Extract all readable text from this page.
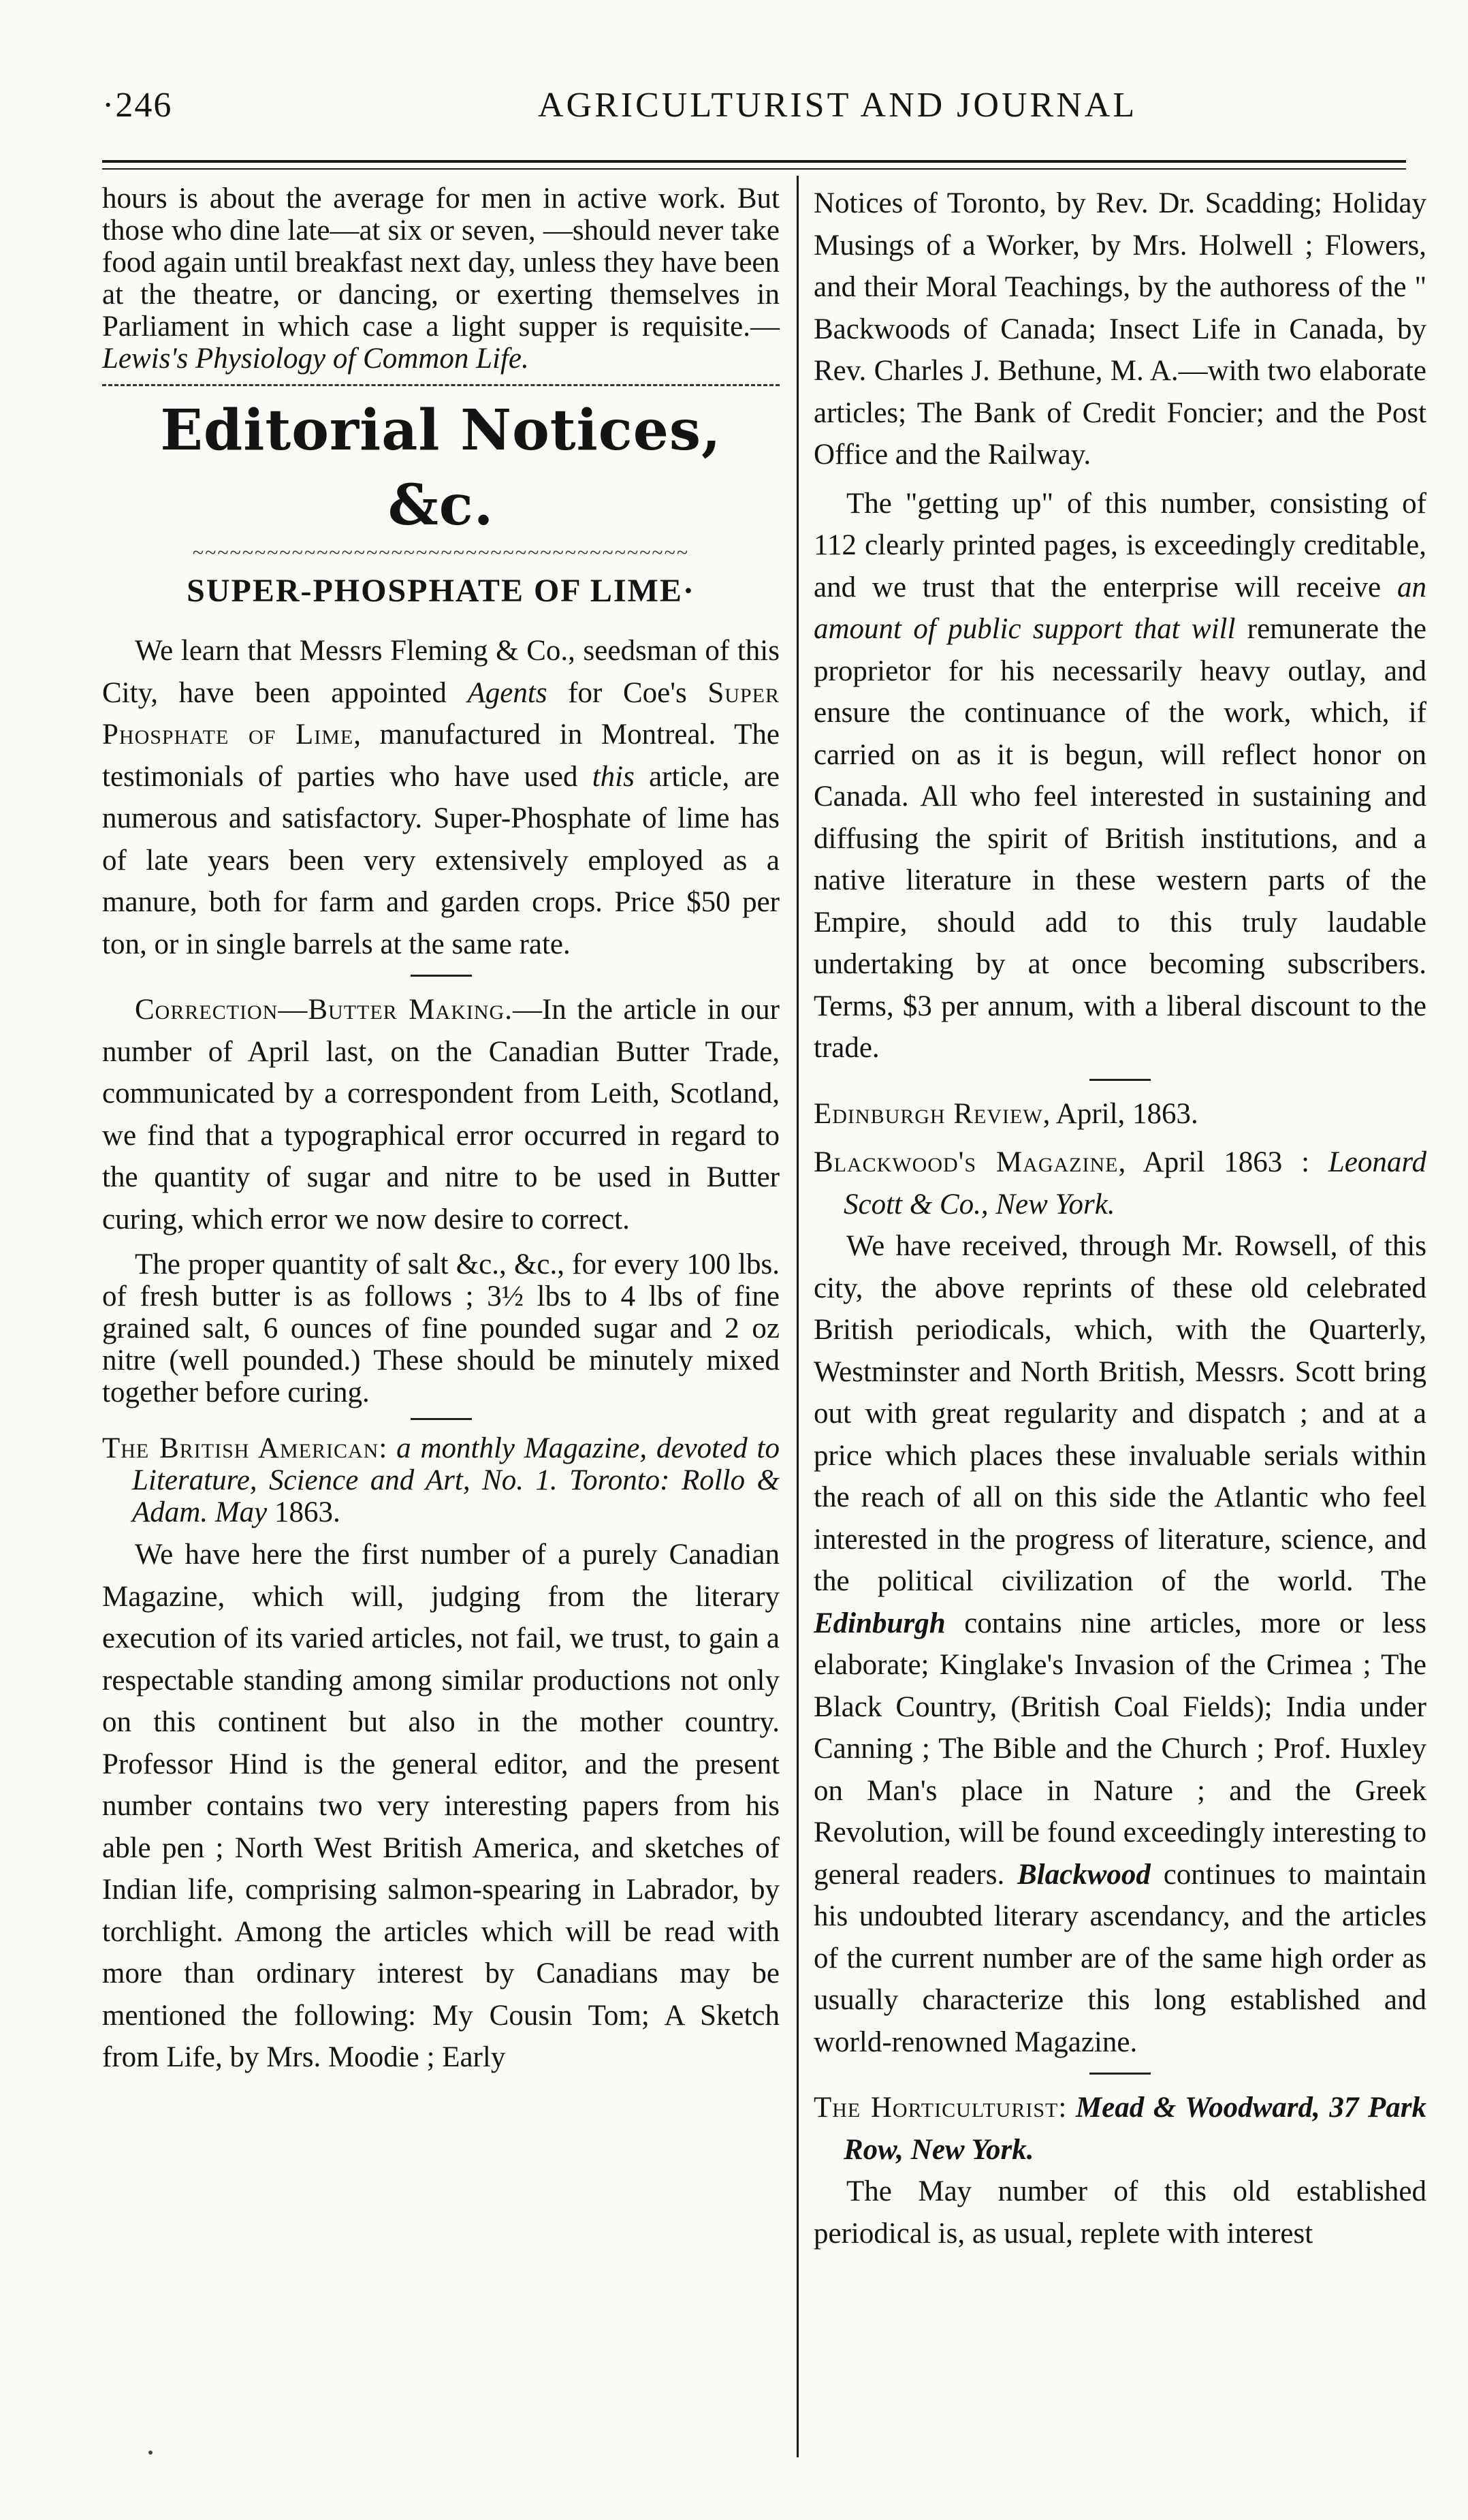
·246	AGRICULTURIST AND JOURNAL

hours is about the average for men in active work. But those who dine late—at six or seven, —should never take food again until breakfast next day, unless they have been at the theatre, or dancing, or exerting themselves in Parliament in which case a light supper is requisite.—Lewis's Physiology of Common Life.

Editorial Notices, &c.
~~~~~~~~~~~~~~~~~~~~~~~~~~~~~~~~~~~~~~~~
SUPER-PHOSPHATE OF LIME·

We learn that Messrs Fleming & Co., seedsman of this City, have been appointed Agents for Coe's Super Phosphate of Lime, manufactured in Montreal. The testimonials of parties who have used this article, are numerous and satisfactory. Super-Phosphate of lime has of late years been very extensively employed as a manure, both for farm and garden crops. Price $50 per ton, or in single barrels at the same rate.

Correction—Butter Making.—In the article in our number of April last, on the Canadian Butter Trade, communicated by a correspondent from Leith, Scotland, we find that a typographical error occurred in regard to the quantity of sugar and nitre to be used in Butter curing, which error we now desire to correct.

The proper quantity of salt &c., &c., for every 100 lbs. of fresh butter is as follows ; 3½ lbs to 4 lbs of fine grained salt, 6 ounces of fine pounded sugar and 2 oz nitre (well pounded.) These should be minutely mixed together before curing.

The British American: a monthly Magazine, devoted to Literature, Science and Art, No. 1. Toronto: Rollo & Adam. May 1863.

We have here the first number of a purely Canadian Magazine, which will, judging from the literary execution of its varied articles, not fail, we trust, to gain a respectable standing among similar productions not only on this continent but also in the mother country. Professor Hind is the general editor, and the present number contains two very interesting papers from his able pen ; North West British America, and sketches of Indian life, comprising salmon-spearing in Labrador, by torchlight. Among the articles which will be read with more than ordinary interest by Canadians may be mentioned the following: My Cousin Tom; A Sketch from Life, by Mrs. Moodie ; Early

Notices of Toronto, by Rev. Dr. Scadding; Holiday Musings of a Worker, by Mrs. Holwell ; Flowers, and their Moral Teachings, by the authoress of the " Backwoods of Canada; Insect Life in Canada, by Rev. Charles J. Bethune, M. A.—with two elaborate articles; The Bank of Credit Foncier; and the Post Office and the Railway.

The "getting up" of this number, consisting of 112 clearly printed pages, is exceedingly creditable, and we trust that the enterprise will receive an amount of public support that will remunerate the proprietor for his necessarily heavy outlay, and ensure the continuance of the work, which, if carried on as it is begun, will reflect honor on Canada. All who feel interested in sustaining and diffusing the spirit of British institutions, and a native literature in these western parts of the Empire, should add to this truly laudable undertaking by at once becoming subscribers. Terms, $3 per annum, with a liberal discount to the trade.

Edinburgh Review, April, 1863.

Blackwood's Magazine, April 1863 : Leonard Scott & Co., New York.

We have received, through Mr. Rowsell, of this city, the above reprints of these old celebrated British periodicals, which, with the Quarterly, Westminster and North British, Messrs. Scott bring out with great regularity and dispatch ; and at a price which places these invaluable serials within the reach of all on this side the Atlantic who feel interested in the progress of literature, science, and the political civilization of the world. The Edinburgh contains nine articles, more or less elaborate; Kinglake's Invasion of the Crimea ; The Black Country, (British Coal Fields); India under Canning ; The Bible and the Church ; Prof. Huxley on Man's place in Nature ; and the Greek Revolution, will be found exceedingly interesting to general readers. Blackwood continues to maintain his undoubted literary ascendancy, and the articles of the current number are of the same high order as usually characterize this long established and world-renowned Magazine.

The Horticulturist: Mead & Woodward, 37 Park Row, New York.

The May number of this old established periodical is, as usual, replete with interest
